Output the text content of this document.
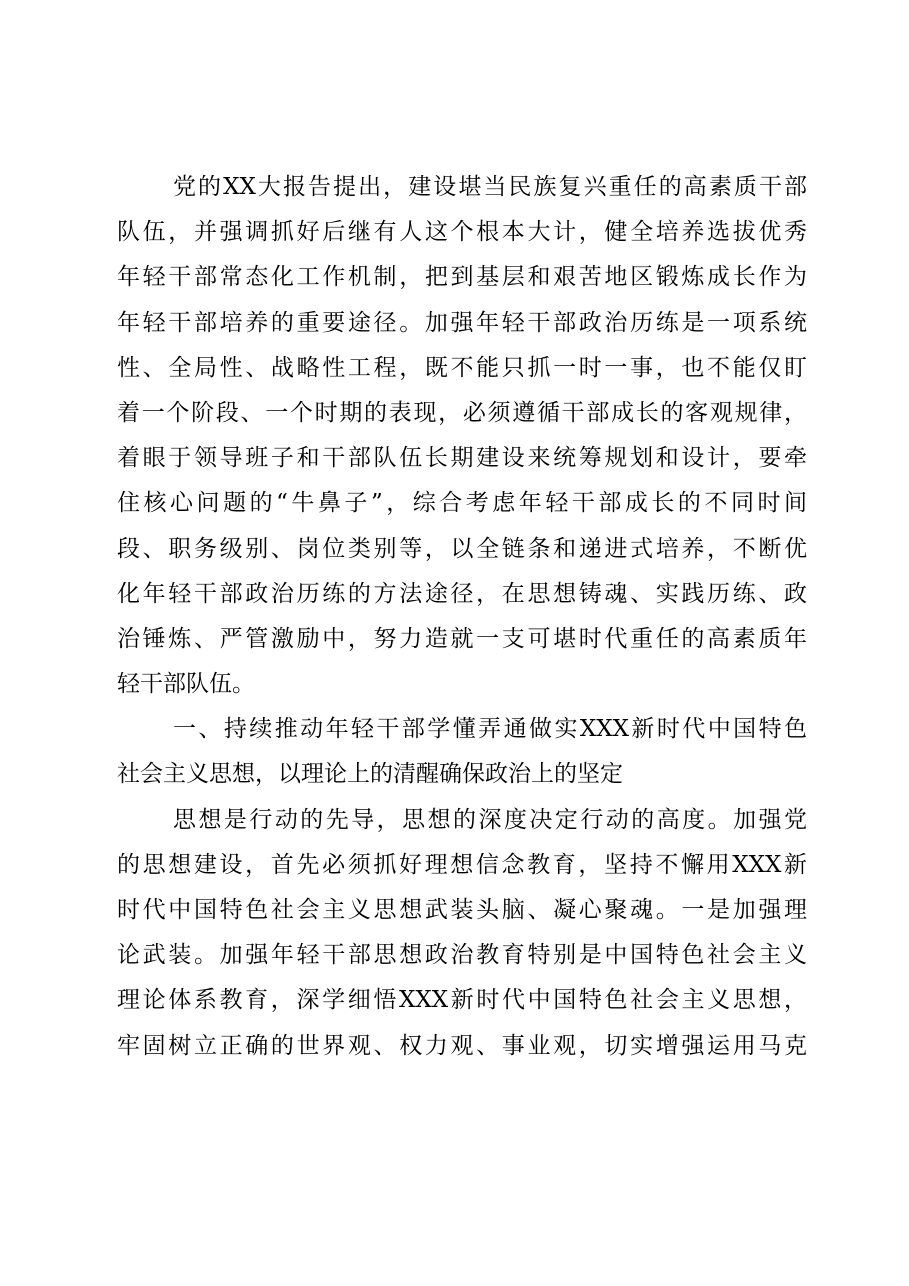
党的XX大报告提出，建设堪当民族复兴重任的高素质干部
队伍，并强调抓好后继有人这个根本大计，健全培养选拔优秀
年轻干部常态化工作机制，把到基层和艰苦地区锻炼成长作为
年轻干部培养的重要途径。加强年轻干部政治历练是一项系统
性、全局性、战略性工程，既不能只抓一时一事，也不能仅盯
着一个阶段、一个时期的表现，必须遵循干部成长的客观规律，
着眼于领导班子和干部队伍长期建设来统筹规划和设计，要牵
住核心问题的“牛鼻子”，综合考虑年轻干部成长的不同时间
段、职务级别、岗位类别等，以全链条和递进式培养，不断优
化年轻干部政治历练的方法途径，在思想铸魂、实践历练、政
治锤炼、严管激励中，努力造就一支可堪时代重任的高素质年
轻干部队伍。
一、持续推动年轻干部学懂弄通做实XXX新时代中国特色
社会主义思想，以理论上的清醒确保政治上的坚定
思想是行动的先导，思想的深度决定行动的高度。加强党
的思想建设，首先必须抓好理想信念教育，坚持不懈用XXX新
时代中国特色社会主义思想武装头脑、凝心聚魂。一是加强理
论武装。加强年轻干部思想政治教育特别是中国特色社会主义
理论体系教育，深学细悟XXX新时代中国特色社会主义思想，
牢固树立正确的世界观、权力观、事业观，切实增强运用马克
